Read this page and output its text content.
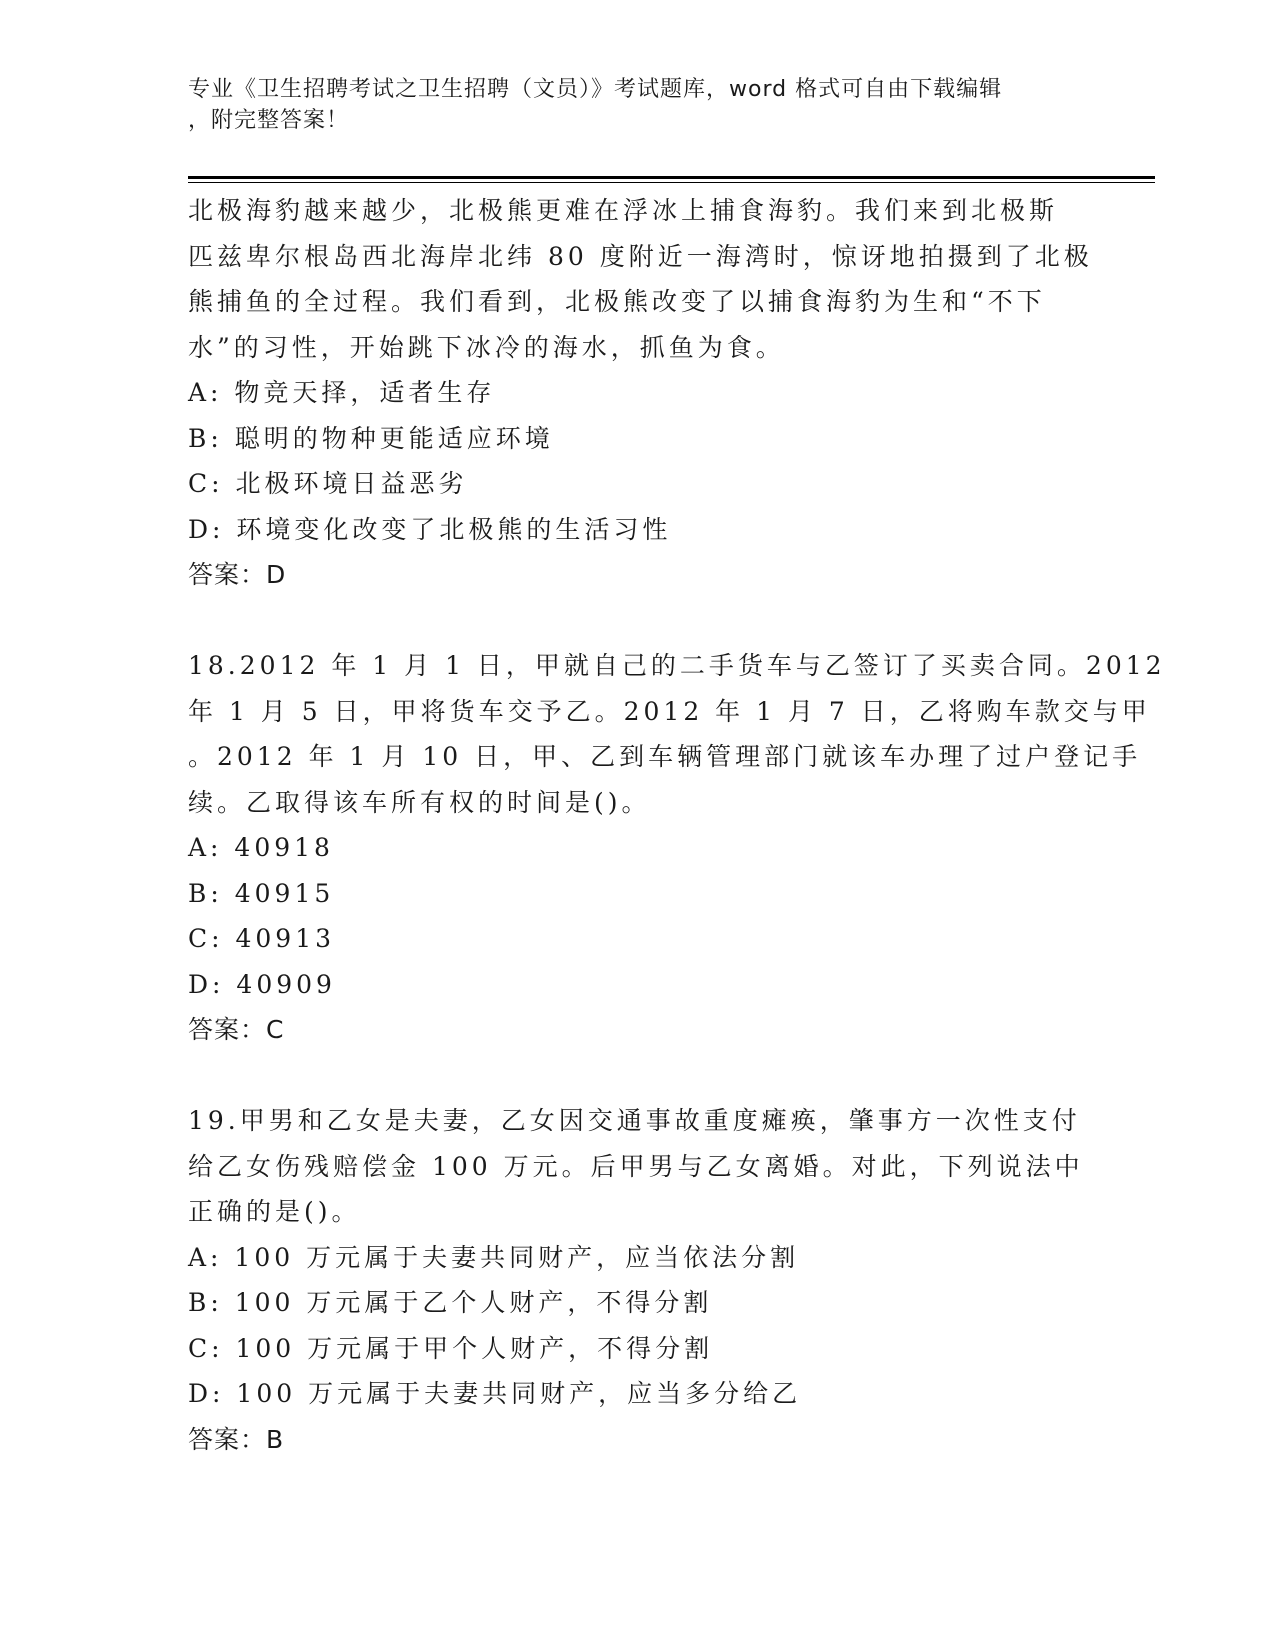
专业《卫生招聘考试之卫生招聘（文员）》考试题库，word 格式可自由下载编辑
，附完整答案！
北极海豹越来越少，北极熊更难在浮冰上捕食海豹。我们来到北极斯
匹兹卑尔根岛西北海岸北纬 80 度附近一海湾时，惊讶地拍摄到了北极
熊捕鱼的全过程。我们看到，北极熊改变了以捕食海豹为生和“不下
水”的习性，开始跳下冰冷的海水，抓鱼为食。
A: 物竞天择，适者生存
B: 聪明的物种更能适应环境
C: 北极环境日益恶劣
D: 环境变化改变了北极熊的生活习性
答案：D
18.2012 年 1 月 1 日，甲就自己的二手货车与乙签订了买卖合同。2012
年 1 月 5 日，甲将货车交予乙。2012 年 1 月 7 日，乙将购车款交与甲
。2012 年 1 月 10 日，甲、乙到车辆管理部门就该车办理了过户登记手
续。乙取得该车所有权的时间是()。
A: 40918
B: 40915
C: 40913
D: 40909
答案：C
19.甲男和乙女是夫妻，乙女因交通事故重度瘫痪，肇事方一次性支付
给乙女伤残赔偿金 100 万元。后甲男与乙女离婚。对此，下列说法中
正确的是()。
A: 100 万元属于夫妻共同财产，应当依法分割
B: 100 万元属于乙个人财产，不得分割
C: 100 万元属于甲个人财产，不得分割
D: 100 万元属于夫妻共同财产，应当多分给乙
答案：B
